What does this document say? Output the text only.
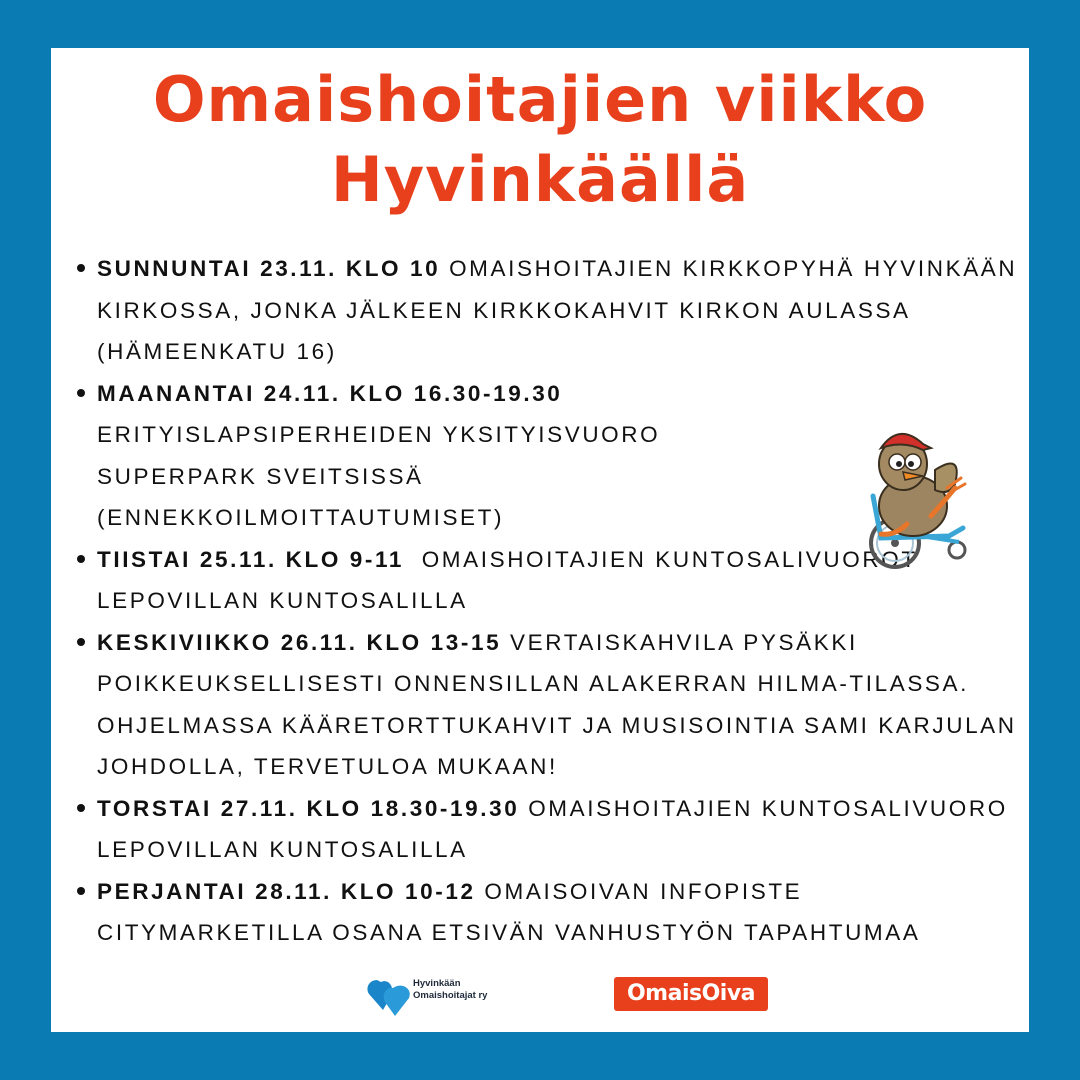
Omaishoitajien viikko
Hyvinkäällä
SUNNUNTAI 23.11. KLO 10 OMAISHOITAJIEN KIRKKOPYHÄ HYVINKÄÄN KIRKOSSA, JONKA JÄLKEEN KIRKKOKAHVIT KIRKON AULASSA (HÄMEENKATU 16)
MAANANTAI 24.11. KLO 16.30-19.30 ERITYISLAPSIPERHEIDEN YKSITYISVUORO SUPERPARK SVEITSISSÄ (ENNEKKOILMOITTAUTUMISET)
TIISTAI 25.11. KLO 9-11 OMAISHOITAJIEN KUNTOSALIVUOROT LEPOVILLAN KUNTOSALILLA
KESKIVIIKKO 26.11. KLO 13-15 VERTAISKAHVILA PYSÄKKI POIKKEUKSELLISESTI ONNENSILLAN ALAKERRAN HILMA-TILASSA. OHJELMASSA KÄÄRETORTTUKAHVIT JA MUSISOINTIA SAMI KARJULAN JOHDOLLA, TERVETULOA MUKAAN!
TORSTAI 27.11. KLO 18.30-19.30 OMAISHOITAJIEN KUNTOSALIVUORO LEPOVILLAN KUNTOSALILLA
PERJANTAI 28.11. KLO 10-12 OMAISOIVAN INFOPISTE CITYMARKETILLA OSANA ETSIVÄN VANHUSTYÖN TAPAHTUMAA
Hyvinkään
Omaishoitajat ry	OmaisOiva
